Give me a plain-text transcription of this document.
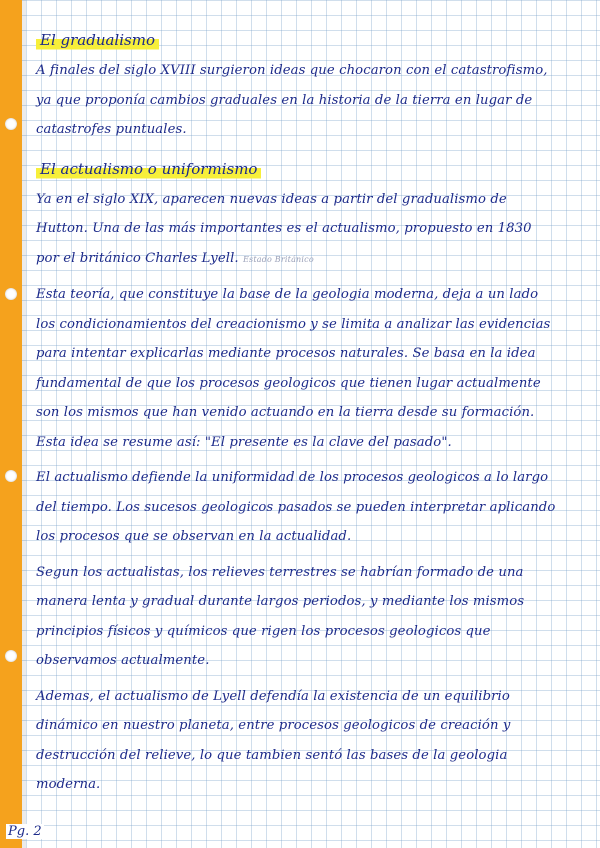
El gradualismo

A finales del siglo XVIII surgieron ideas que chocaron con el catastrofismo, ya que proponía cambios graduales en la historia de la tierra en lugar de catastrofes puntuales.

El actualismo o uniformismo

Ya en el siglo XIX, aparecen nuevas ideas a partir del gradualismo de Hutton. Una de las más importantes es el actualismo, propuesto en 1830 por el británico Charles Lyell. Estado Británico

Esta teoría, que constituye la base de la geologia moderna, deja a un lado los condicionamientos del creacionismo y se limita a analizar las evidencias para intentar explicarlas mediante procesos naturales. Se basa en la idea fundamental de que los procesos geologicos que tienen lugar actualmente son los mismos que han venido actuando en la tierra desde su formación. Esta idea se resume así: "El presente es la clave del pasado".

El actualismo defiende la uniformidad de los procesos geologicos a lo largo del tiempo. Los sucesos geologicos pasados se pueden interpretar aplicando los procesos que se observan en la actualidad.

Segun los actualistas, los relieves terrestres se habrían formado de una manera lenta y gradual durante largos periodos, y mediante los mismos principios físicos y químicos que rigen los procesos geologicos que observamos actualmente.

Ademas, el actualismo de Lyell defendía la existencia de un equilibrio dinámico en nuestro planeta, entre procesos geologicos de creación y destrucción del relieve, lo que tambien sentó las bases de la geologia moderna.

Pg. 2
